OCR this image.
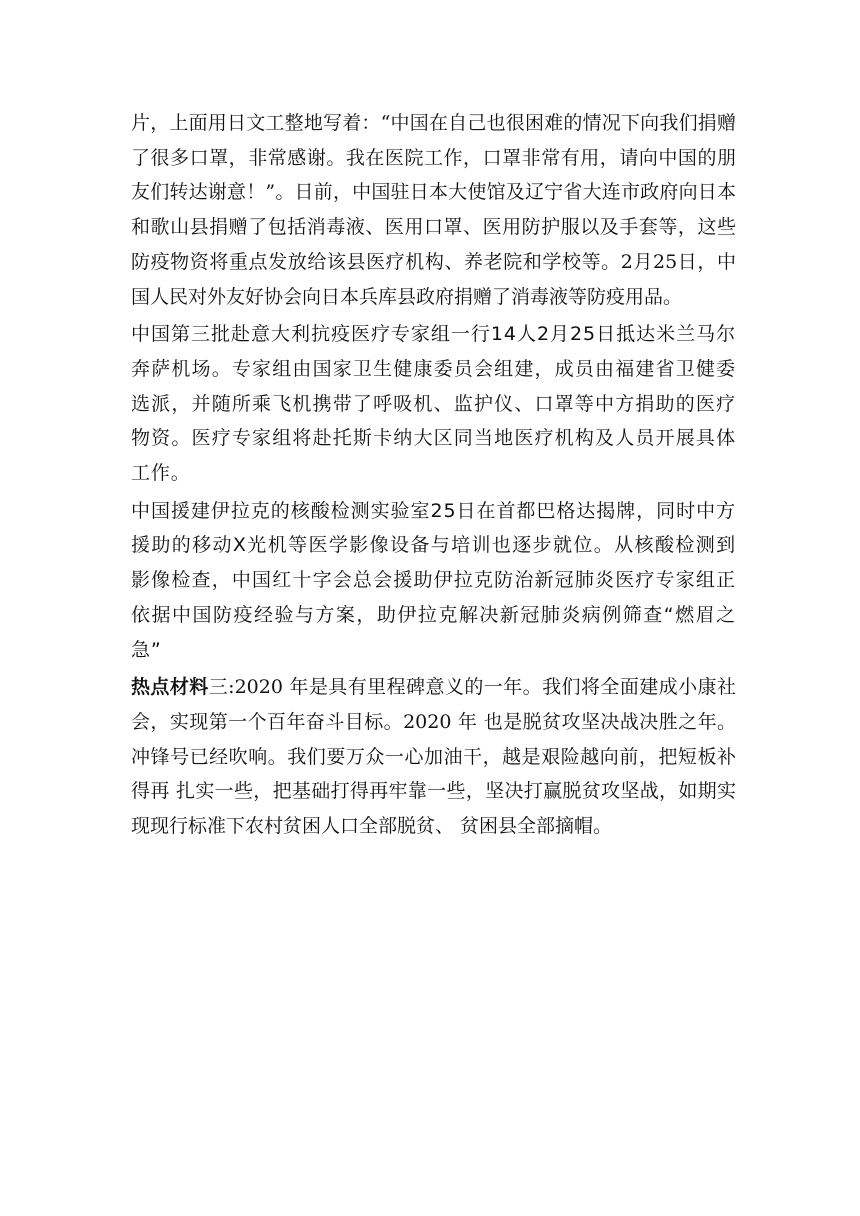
片，上面用日文工整地写着：“中国在自己也很困难的情况下向我们捐赠了很多口罩，非常感谢。我在医院工作，口罩非常有用，请向中国的朋友们转达谢意！”。日前，中国驻日本大使馆及辽宁省大连市政府向日本和歌山县捐赠了包括消毒液、医用口罩、医用防护服以及手套等，这些防疫物资将重点发放给该县医疗机构、养老院和学校等。2月25日，中国人民对外友好协会向日本兵库县政府捐赠了消毒液等防疫用品。

中国第三批赴意大利抗疫医疗专家组一行14人2月25日抵达米兰马尔奔萨机场。专家组由国家卫生健康委员会组建，成员由福建省卫健委选派，并随所乘飞机携带了呼吸机、监护仪、口罩等中方捐助的医疗物资。医疗专家组将赴托斯卡纳大区同当地医疗机构及人员开展具体工作。

中国援建伊拉克的核酸检测实验室25日在首都巴格达揭牌，同时中方援助的移动X光机等医学影像设备与培训也逐步就位。从核酸检测到影像检查，中国红十字会总会援助伊拉克防治新冠肺炎医疗专家组正依据中国防疫经验与方案，助伊拉克解决新冠肺炎病例筛查“燃眉之急”

热点材料三:2020 年是具有里程碑意义的一年。我们将全面建成小康社会，实现第一个百年奋斗目标。2020 年 也是脱贫攻坚决战决胜之年。冲锋号已经吹响。我们要万众一心加油干，越是艰险越向前，把短板补得再 扎实一些，把基础打得再牢靠一些，坚决打赢脱贫攻坚战，如期实现现行标准下农村贫困人口全部脱贫、 贫困县全部摘帽。
